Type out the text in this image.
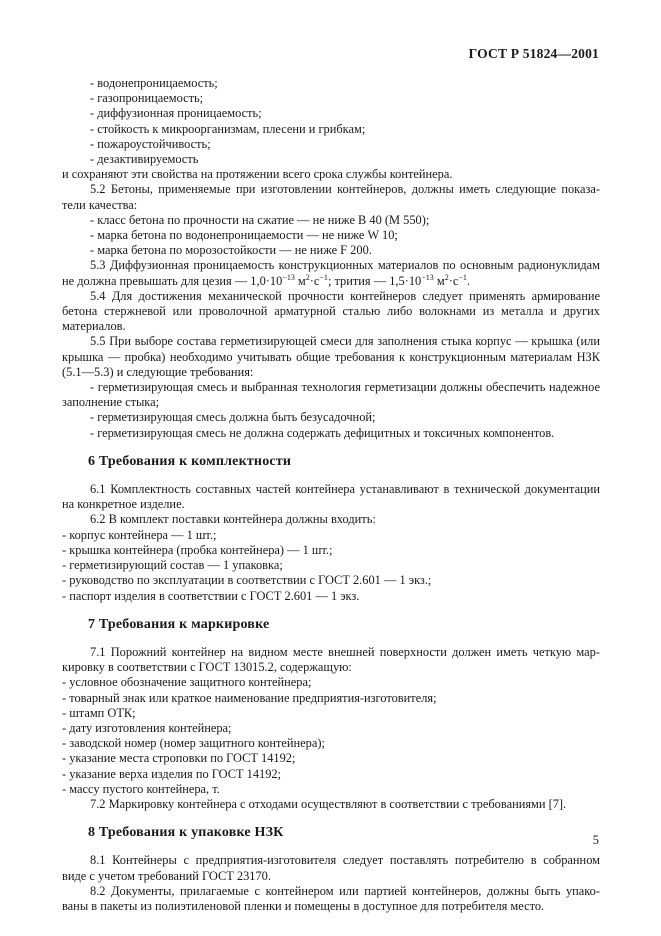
ГОСТ Р 51824—2001
- водонепроницаемость;
- газопроницаемость;
- диффузионная проницаемость;
- стойкость к микроорганизмам, плесени и грибкам;
- пожароустойчивость;
- дезактивируемость
и сохраняют эти свойства на протяжении всего срока службы контейнера.
5.2 Бетоны, применяемые при изготовлении контейнеров, должны иметь следующие показа-
тели качества:
- класс бетона по прочности на сжатие — не ниже В 40 (М 550);
- марка бетона по водонепроницаемости — не ниже W 10;
- марка бетона по морозостойкости — не ниже F 200.
5.3 Диффузионная проницаемость конструкционных материалов по основным радионуклидам
не должна превышать для цезия — $1,0\cdot 10^{-13}$ $м^2\cdot с^{-1}$; трития — $1,5\cdot 10^{-13}$ $м^2\cdot с^{-1}$.
5.4 Для достижения механической прочности контейнеров следует применять армирование
бетона стержневой или проволочной арматурной сталью либо волокнами из металла и других
материалов.
5.5 При выборе состава герметизирующей смеси для заполнения стыка корпус — крышка (или
крышка — пробка) необходимо учитывать общие требования к конструкционным материалам НЗК
(5.1—5.3) и следующие требования:
- герметизирующая смесь и выбранная технология герметизации должны обеспечить надежное
заполнение стыка;
- герметизирующая смесь должна быть безусадочной;
- герметизирующая смесь не должна содержать дефицитных и токсичных компонентов.
6 Требования к комплектности
6.1 Комплектность составных частей контейнера устанавливают в технической документации
на конкретное изделие.
6.2 В комплект поставки контейнера должны входить:
- корпус контейнера — 1 шт.;
- крышка контейнера (пробка контейнера) — 1 шт.;
- герметизирующий состав — 1 упаковка;
- руководство по эксплуатации в соответствии с ГОСТ 2.601 — 1 экз.;
- паспорт изделия в соответствии с ГОСТ 2.601 — 1 экз.
7 Требования к маркировке
7.1 Порожний контейнер на видном месте внешней поверхности должен иметь четкую мар-
кировку в соответствии с ГОСТ 13015.2, содержащую:
- условное обозначение защитного контейнера;
- товарный знак или краткое наименование предприятия-изготовителя;
- штамп ОТК;
- дату изготовления контейнера;
- заводской номер (номер защитного контейнера);
- указание места строповки по ГОСТ 14192;
- указание верха изделия по ГОСТ 14192;
- массу пустого контейнера, т.
7.2 Маркировку контейнера с отходами осуществляют в соответствии с требованиями [7].
8 Требования к упаковке НЗК
8.1 Контейнеры с предприятия-изготовителя следует поставлять потребителю в собранном
виде с учетом требований ГОСТ 23170.
8.2 Документы, прилагаемые с контейнером или партией контейнеров, должны быть упако-
ваны в пакеты из полиэтиленовой пленки и помещены в доступное для потребителя место.
5
